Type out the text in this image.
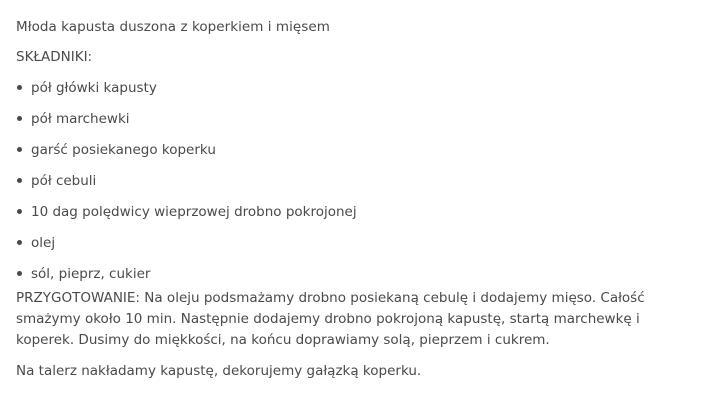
Młoda kapusta duszona z koperkiem i mięsem

SKŁADNIKI:

pół główki kapusty
pół marchewki
garść posiekanego koperku
pół cebuli
10 dag polędwicy wieprzowej drobno pokrojonej
olej
sól, pieprz, cukier

PRZYGOTOWANIE: Na oleju podsmażamy drobno posiekaną cebulę i dodajemy mięso. Całość smażymy około 10 min. Następnie dodajemy drobno pokrojoną kapustę, startą marchewkę i koperek. Dusimy do miękkości, na końcu doprawiamy solą, pieprzem i cukrem.

Na talerz nakładamy kapustę, dekorujemy gałązką koperku.
